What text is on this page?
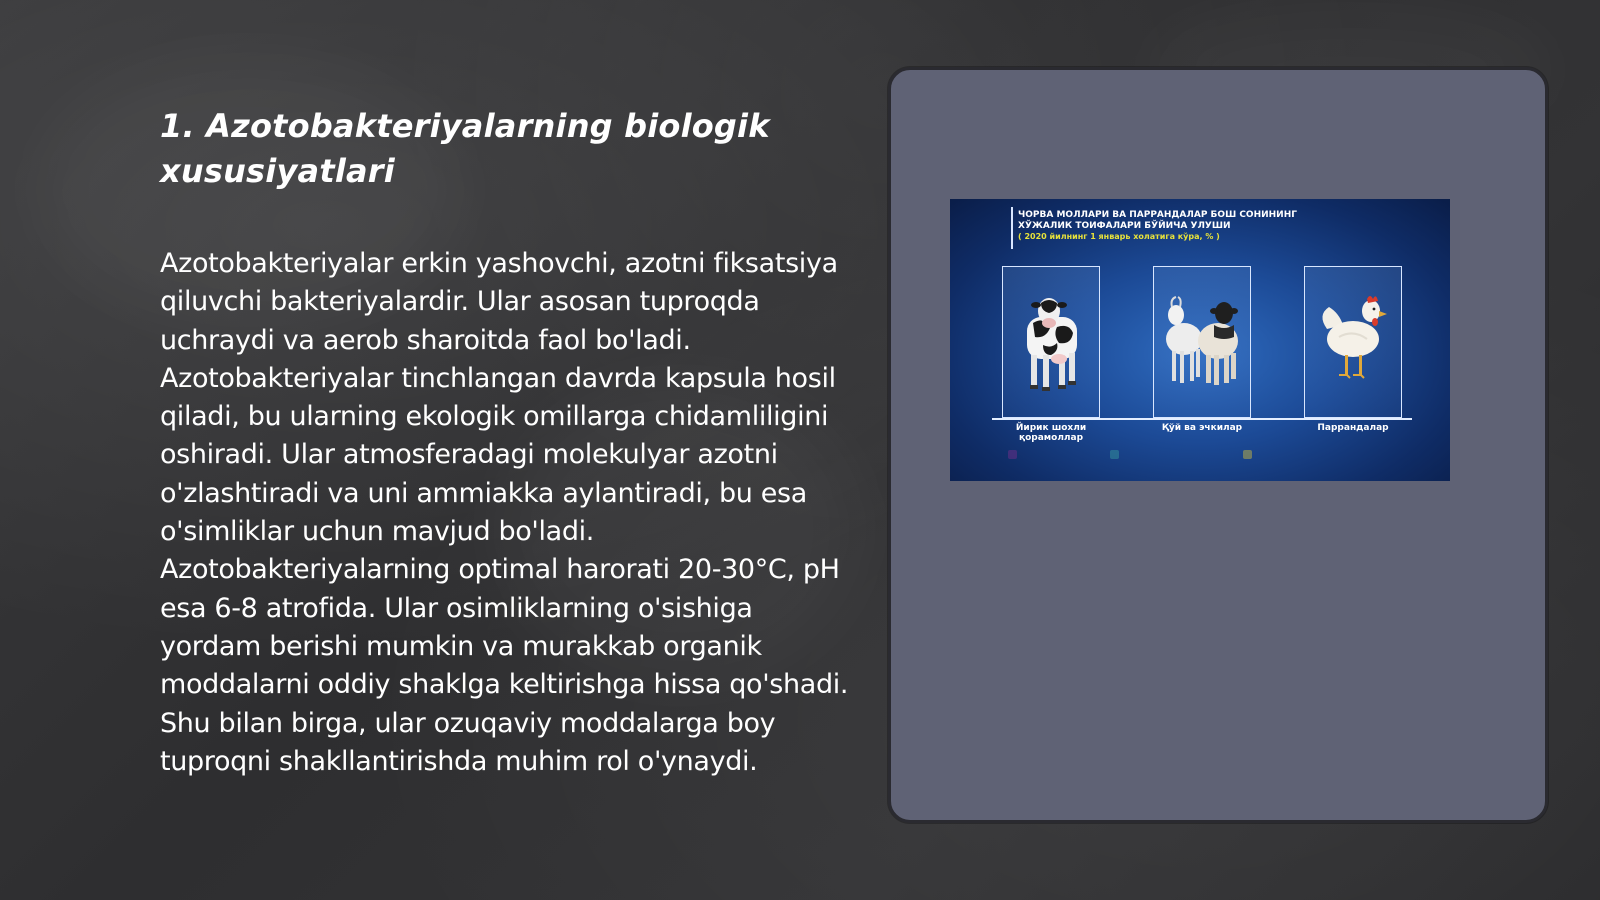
1. Azotobakteriyalarning biologik xususiyatlari

Azotobakteriyalar erkin yashovchi, azotni fiksatsiya qiluvchi bakteriyalardir. Ular asosan tuproqda uchraydi va aerob sharoitda faol bo'ladi. Azotobakteriyalar tinchlangan davrda kapsula hosil qiladi, bu ularning ekologik omillarga chidamliligini oshiradi. Ular atmosferadagi molekulyar azotni o'zlashtiradi va uni ammiakka aylantiradi, bu esa o'simliklar uchun mavjud bo'ladi. Azotobakteriyalarning optimal harorati 20-30°C, pH esa 6-8 atrofida. Ular osimliklarning o'sishiga yordam berishi mumkin va murakkab organik moddalarni oddiy shaklga keltirishga hissa qo'shadi. Shu bilan birga, ular ozuqaviy moddalarga boy tuproqni shakllantirishda muhim rol o'ynaydi.

ЧОРВА МОЛЛАРИ ВА ПАРРАНДАЛАР БОШ СОНИНИНГ ХЎЖАЛИК ТОИФАЛАРИ БЎЙИЧА УЛУШИ
( 2020 йилнинг 1 январь холатига кўра, % )
Йирик шохли қорамоллар
Қўй ва эчкилар	Паррандалар
